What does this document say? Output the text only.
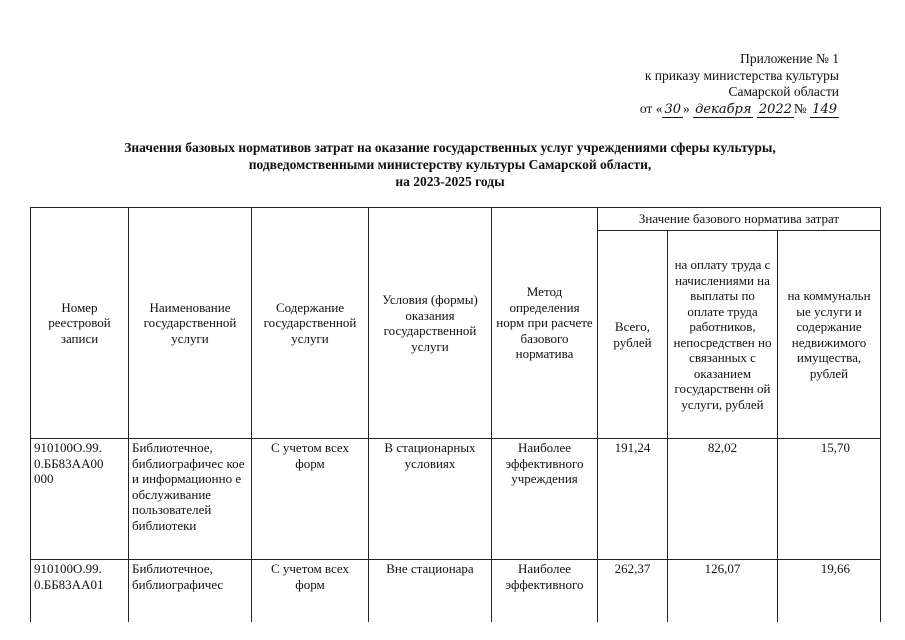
Приложение № 1
к приказу министерства культуры
Самарской области
от « 30 » декабря 2022 № 149
Значения базовых нормативов затрат на оказание государственных услуг учреждениями сферы культуры,
подведомственными министерству культуры Самарской области,
на 2023-2025 годы
Номер реестровой записи	Наименование государственной услуги	Содержание государственной услуги	Условия (формы) оказания государственной услуги	Метод определения норм при расчете базового норматива	Значение базового норматива затрат		
					Всего, рублей	на оплату труда с начислениями на выплаты по оплате труда работников, непосредствен но связанных с оказанием государственн ой услуги, рублей	на коммунальн ые услуги и содержание недвижимого имущества, рублей
910100О.99. 0.ББ83АА00 000	Библиотечное, библиографичес кое и информационно е обслуживание пользователей библиотеки	С учетом всех форм	В стационарных условиях	Наиболее эффективного учреждения	191,24	82,02	15,70
910100О.99. 0.ББ83АА01	Библиотечное, библиографичес	С учетом всех форм	Вне стационара	Наиболее эффективного	262,37	126,07	19,66
